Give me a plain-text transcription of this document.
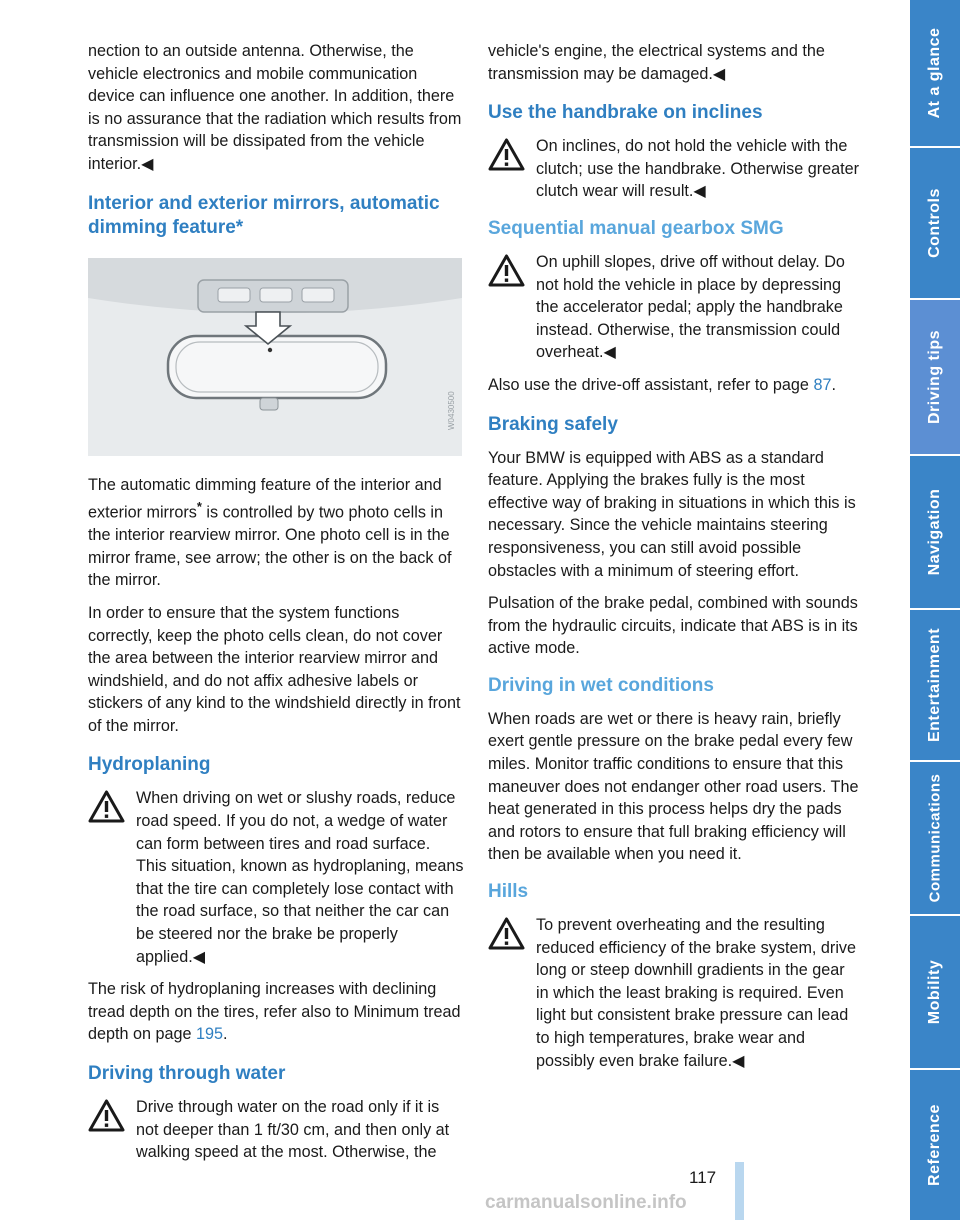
nection to an outside antenna. Otherwise, the vehicle electronics and mobile communication device can influence one another. In addition, there is no assurance that the radiation which results from transmission will be dissipated from the vehicle interior.◀

Interior and exterior mirrors, automatic dimming feature*
W0430500

The automatic dimming feature of the interior and exterior mirrors* is controlled by two photo cells in the interior rearview mirror. One photo cell is in the mirror frame, see arrow; the other is on the back of the mirror.

In order to ensure that the system functions correctly, keep the photo cells clean, do not cover the area between the interior rearview mirror and windshield, and do not affix adhesive labels or stickers of any kind to the windshield directly in front of the mirror.

Hydroplaning
When driving on wet or slushy roads, reduce road speed. If you do not, a wedge of water can form between tires and road surface. This situation, known as hydroplaning, means that the tire can completely lose contact with the road surface, so that neither the car can be steered nor the brake be properly applied.◀

The risk of hydroplaning increases with declining tread depth on the tires, refer also to Minimum tread depth on page 195.

Driving through water
Drive through water on the road only if it is not deeper than 1 ft/30 cm, and then only at walking speed at the most. Otherwise, the

vehicle's engine, the electrical systems and the transmission may be damaged.◀

Use the handbrake on inclines
On inclines, do not hold the vehicle with the clutch; use the handbrake. Otherwise greater clutch wear will result.◀
Sequential manual gearbox SMG
On uphill slopes, drive off without delay. Do not hold the vehicle in place by depressing the accelerator pedal; apply the handbrake instead. Otherwise, the transmission could overheat.◀

Also use the drive-off assistant, refer to page 87.

Braking safely

Your BMW is equipped with ABS as a standard feature. Applying the brakes fully is the most effective way of braking in situations in which this is necessary. Since the vehicle maintains steering responsiveness, you can still avoid possible obstacles with a minimum of steering effort.

Pulsation of the brake pedal, combined with sounds from the hydraulic circuits, indicate that ABS is in its active mode.

Driving in wet conditions

When roads are wet or there is heavy rain, briefly exert gentle pressure on the brake pedal every few miles. Monitor traffic conditions to ensure that this maneuver does not endanger other road users. The heat generated in this process helps dry the pads and rotors to ensure that full braking efficiency will then be available when you need it.

Hills
To prevent overheating and the resulting reduced efficiency of the brake system, drive long or steep downhill gradients in the gear in which the least braking is required. Even light but consistent brake pressure can lead to high temperatures, brake wear and possibly even brake failure.◀
At a glance
Controls
Driving tips
Navigation
Entertainment
Communications
Mobility
Reference
117
carmanualsonline.info
